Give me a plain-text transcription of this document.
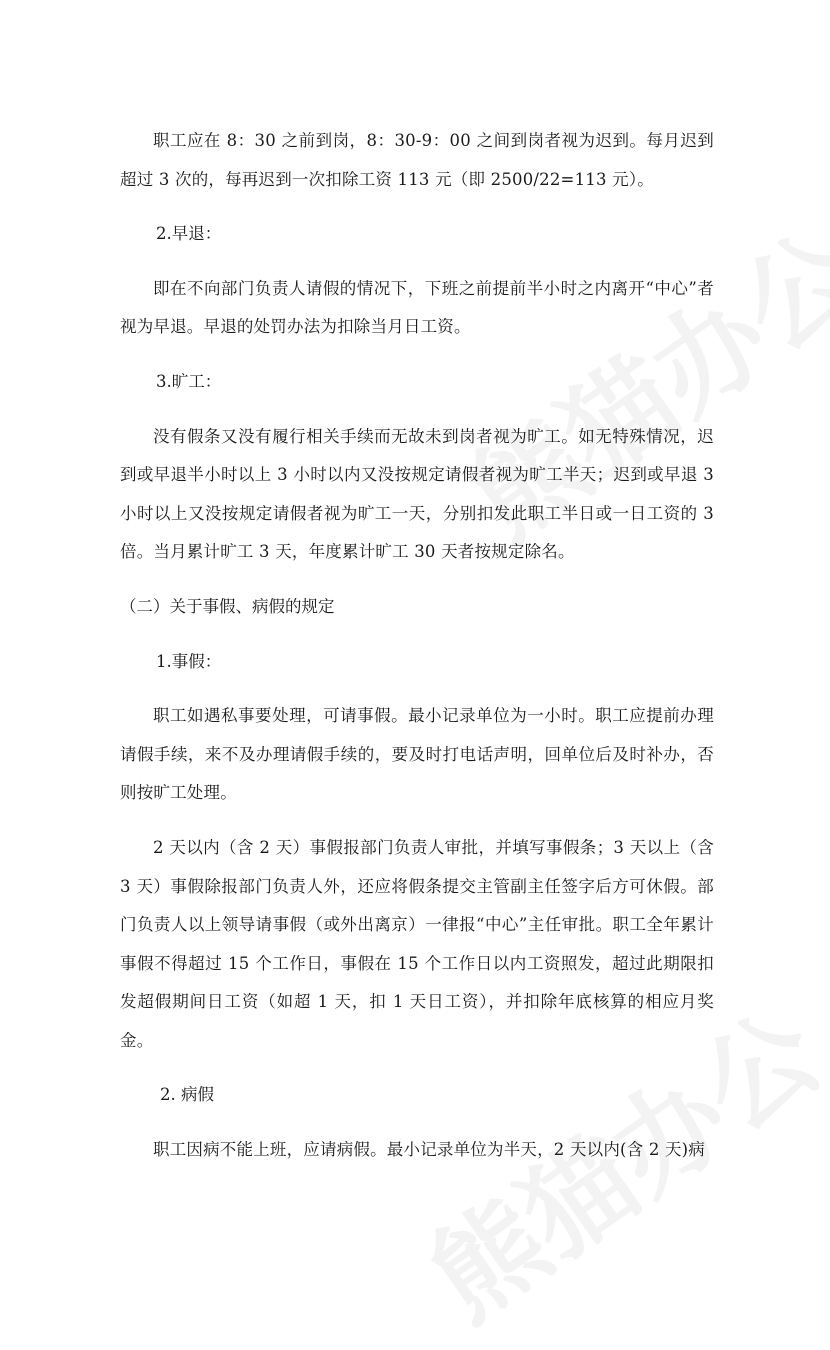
职工应在 8：30 之前到岗，8：30-9：00 之间到岗者视为迟到。每月迟到超过 3 次的，每再迟到一次扣除工资 113 元（即 2500/22=113 元）。

2.早退：

即在不向部门负责人请假的情况下，下班之前提前半小时之内离开“中心”者视为早退。早退的处罚办法为扣除当月日工资。

3.旷工：

没有假条又没有履行相关手续而无故未到岗者视为旷工。如无特殊情况，迟到或早退半小时以上 3 小时以内又没按规定请假者视为旷工半天；迟到或早退 3 小时以上又没按规定请假者视为旷工一天，分别扣发此职工半日或一日工资的 3 倍。当月累计旷工 3 天，年度累计旷工 30 天者按规定除名。

（二）关于事假、病假的规定

1.事假：

职工如遇私事要处理，可请事假。最小记录单位为一小时。职工应提前办理请假手续，来不及办理请假手续的，要及时打电话声明，回单位后及时补办，否则按旷工处理。

2 天以内（含 2 天）事假报部门负责人审批，并填写事假条；3 天以上（含 3 天）事假除报部门负责人外，还应将假条提交主管副主任签字后方可休假。部门负责人以上领导请事假（或外出离京）一律报“中心”主任审批。职工全年累计事假不得超过 15 个工作日，事假在 15 个工作日以内工资照发，超过此期限扣发超假期间日工资（如超 1 天，扣 1 天日工资），并扣除年底核算的相应月奖金。

2. 病假

职工因病不能上班，应请病假。最小记录单位为半天，2 天以内(含 2 天)病
